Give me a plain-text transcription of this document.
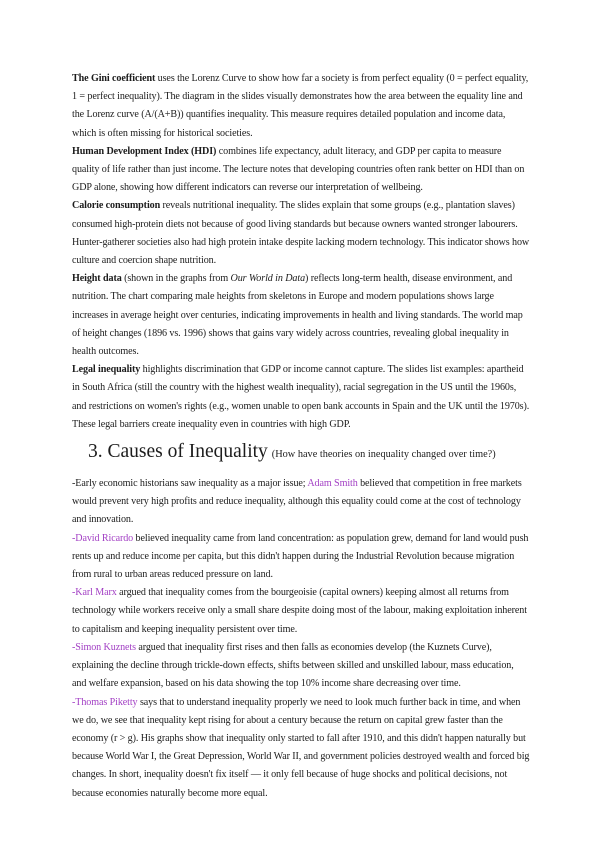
The Gini coefficient uses the Lorenz Curve to show how far a society is from perfect equality (0 = perfect equality, 1 = perfect inequality). The diagram in the slides visually demonstrates how the area between the equality line and the Lorenz curve (A/(A+B)) quantifies inequality. This measure requires detailed population and income data, which is often missing for historical societies.

Human Development Index (HDI) combines life expectancy, adult literacy, and GDP per capita to measure quality of life rather than just income. The lecture notes that developing countries often rank better on HDI than on GDP alone, showing how different indicators can reverse our interpretation of wellbeing.

Calorie consumption reveals nutritional inequality. The slides explain that some groups (e.g., plantation slaves) consumed high-protein diets not because of good living standards but because owners wanted stronger labourers. Hunter-gatherer societies also had high protein intake despite lacking modern technology. This indicator shows how culture and coercion shape nutrition.

Height data (shown in the graphs from Our World in Data) reflects long-term health, disease environment, and nutrition. The chart comparing male heights from skeletons in Europe and modern populations shows large increases in average height over centuries, indicating improvements in health and living standards. The world map of height changes (1896 vs. 1996) shows that gains vary widely across countries, revealing global inequality in health outcomes.

Legal inequality highlights discrimination that GDP or income cannot capture. The slides list examples: apartheid in South Africa (still the country with the highest wealth inequality), racial segregation in the US until the 1960s, and restrictions on women's rights (e.g., women unable to open bank accounts in Spain and the UK until the 1970s). These legal barriers create inequality even in countries with high GDP.

3. Causes of Inequality (How have theories on inequality changed over time?)

-Early economic historians saw inequality as a major issue; Adam Smith believed that competition in free markets would prevent very high profits and reduce inequality, although this equality could come at the cost of technology and innovation.

-David Ricardo believed inequality came from land concentration: as population grew, demand for land would push rents up and reduce income per capita, but this didn't happen during the Industrial Revolution because migration from rural to urban areas reduced pressure on land.

-Karl Marx argued that inequality comes from the bourgeoisie (capital owners) keeping almost all returns from technology while workers receive only a small share despite doing most of the labour, making exploitation inherent to capitalism and keeping inequality persistent over time.

-Simon Kuznets argued that inequality first rises and then falls as economies develop (the Kuznets Curve), explaining the decline through trickle-down effects, shifts between skilled and unskilled labour, mass education, and welfare expansion, based on his data showing the top 10% income share decreasing over time.

-Thomas Piketty says that to understand inequality properly we need to look much further back in time, and when we do, we see that inequality kept rising for about a century because the return on capital grew faster than the economy (r > g). His graphs show that inequality only started to fall after 1910, and this didn't happen naturally but because World War I, the Great Depression, World War II, and government policies destroyed wealth and forced big changes. In short, inequality doesn't fix itself — it only fell because of huge shocks and political decisions, not because economies naturally become more equal.
